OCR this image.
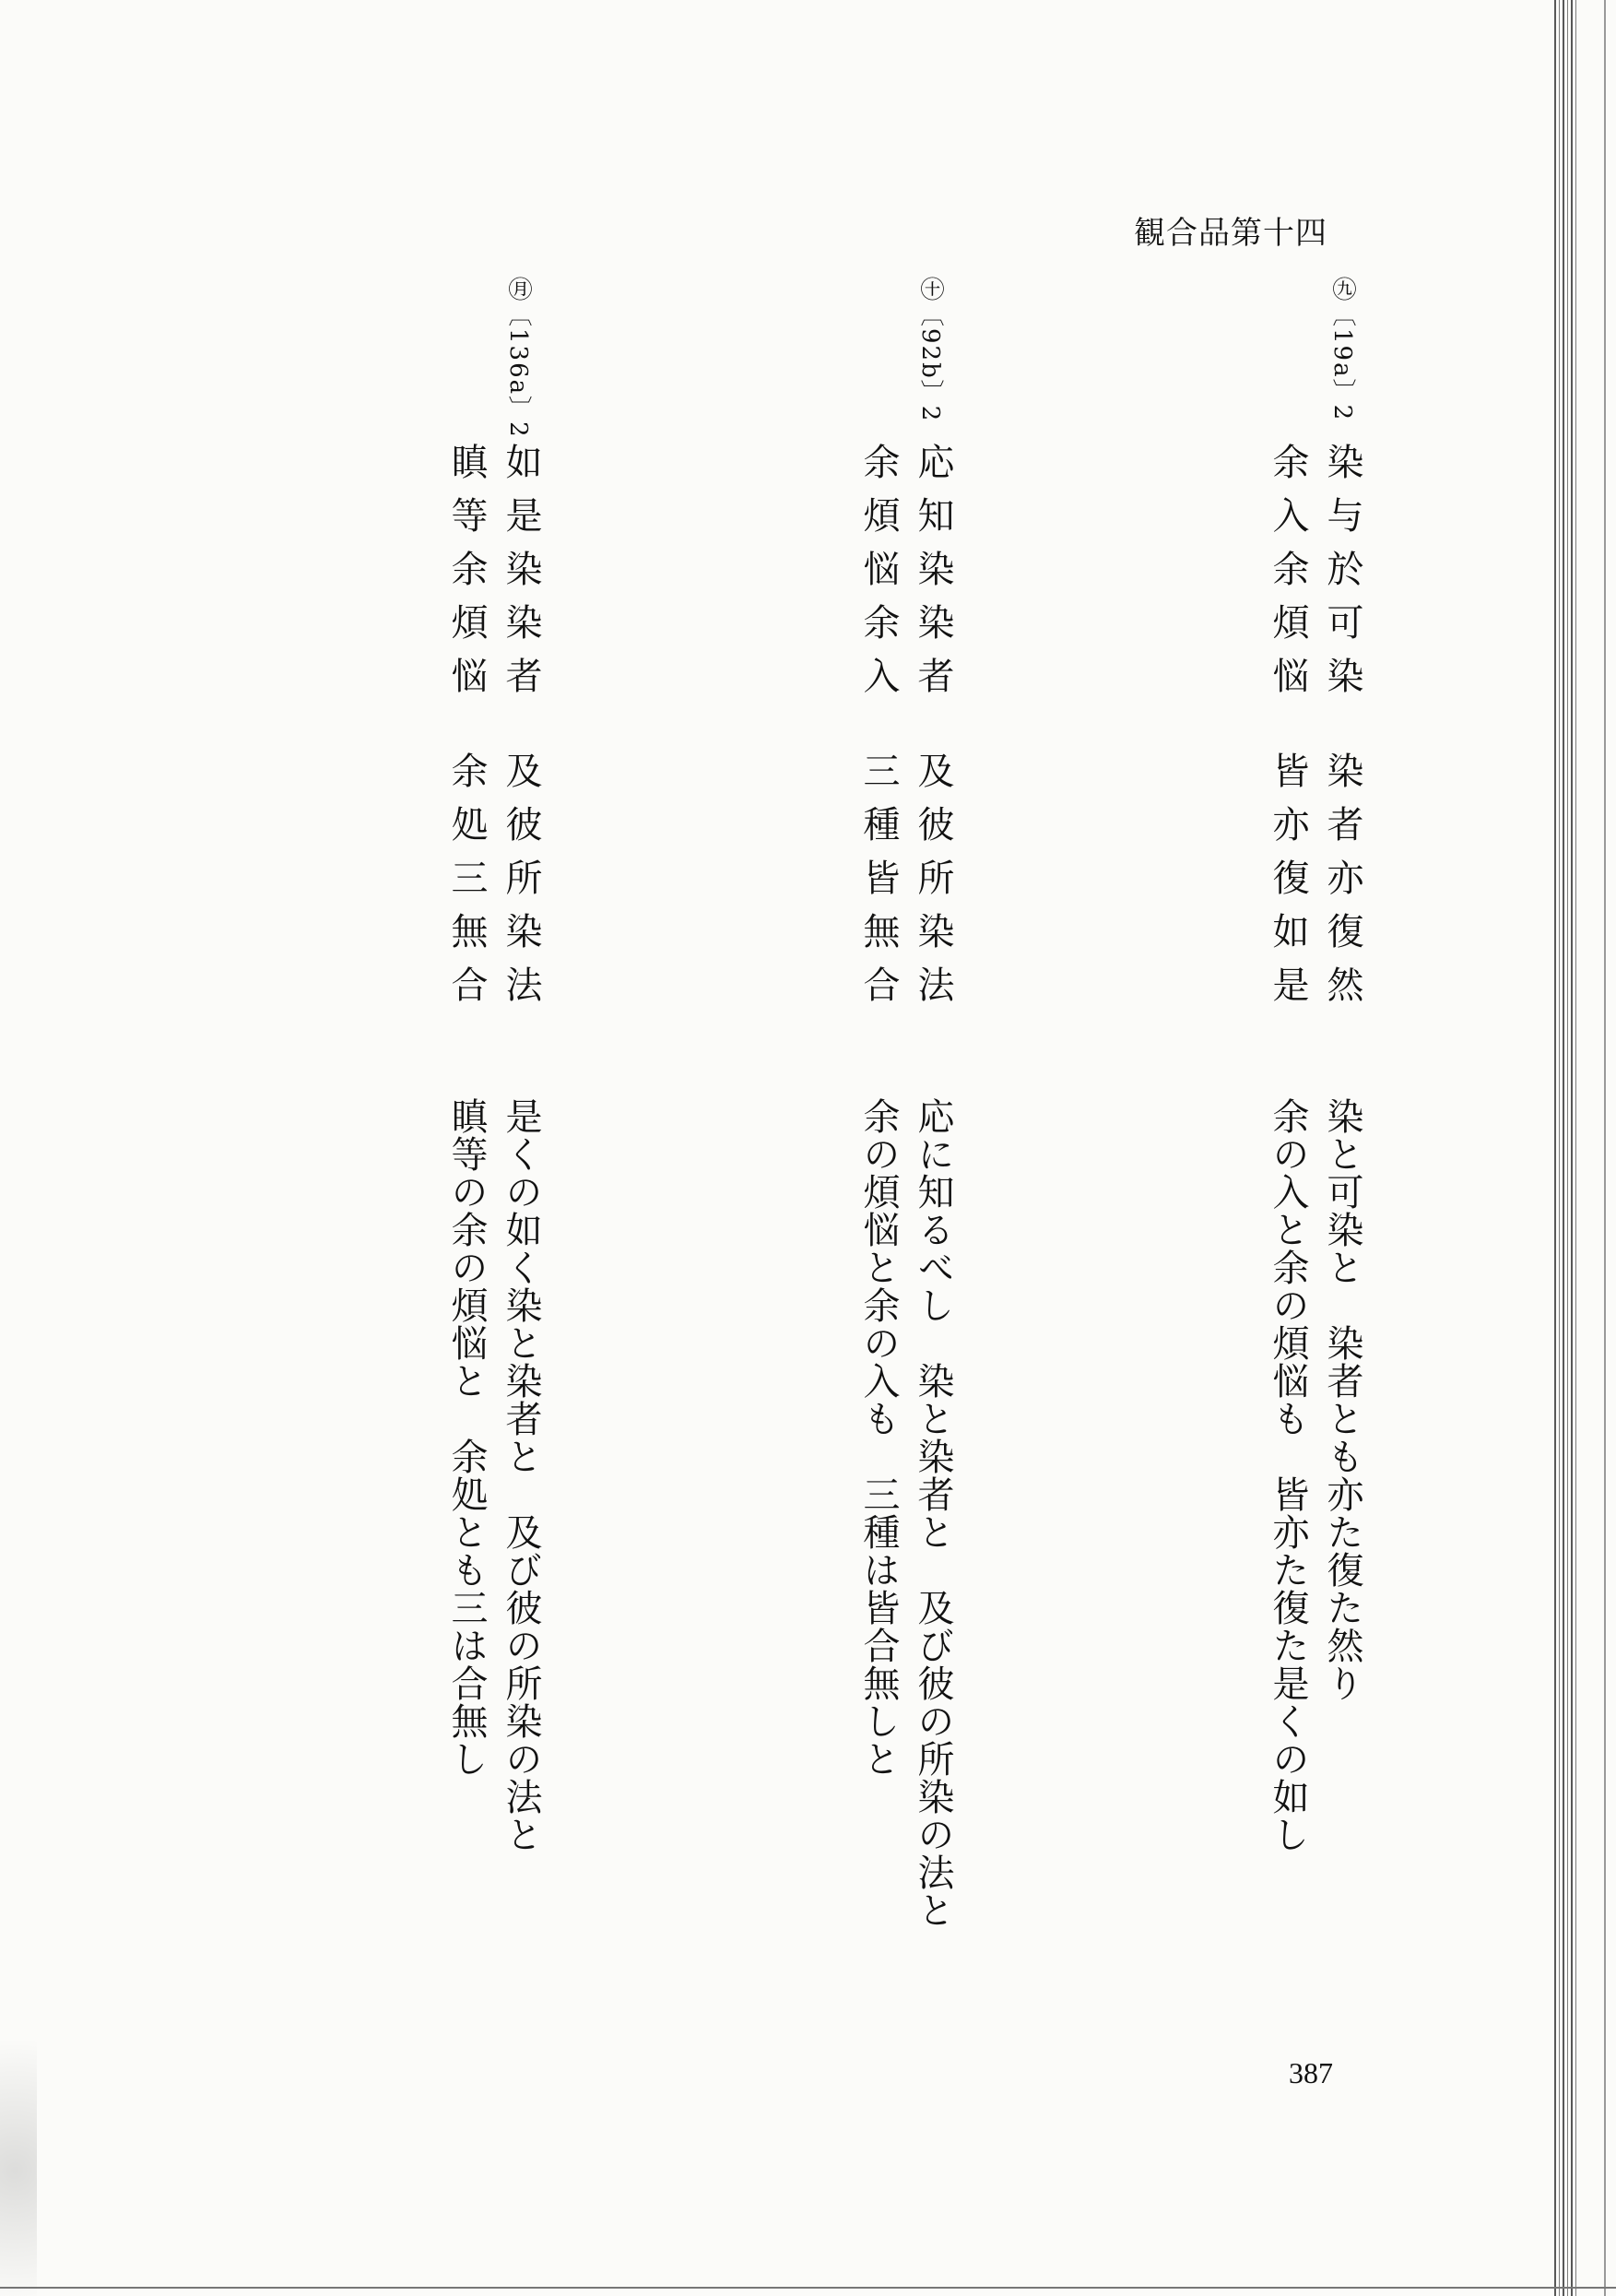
観合品第十四
㊈〔19a〕2
染与於可染
染者亦復然
余入余煩悩
皆亦復如是
染と可染と　染者とも亦た復た然り
余の入と余の煩悩も　皆亦た復た是くの如し
㊉〔92b〕2
応知染染者
及彼所染法
余煩悩余入
三種皆無合
応に知るべし　染と染者と　及び彼の所染の法と
余の煩悩と余の入も　三種は皆合無しと
㊊〔136a〕2
如是染染者
及彼所染法
瞋等余煩悩
余処三無合
是くの如く染と染者と　及び彼の所染の法と
瞋等の余の煩悩と　余処とも三は合無し
387
